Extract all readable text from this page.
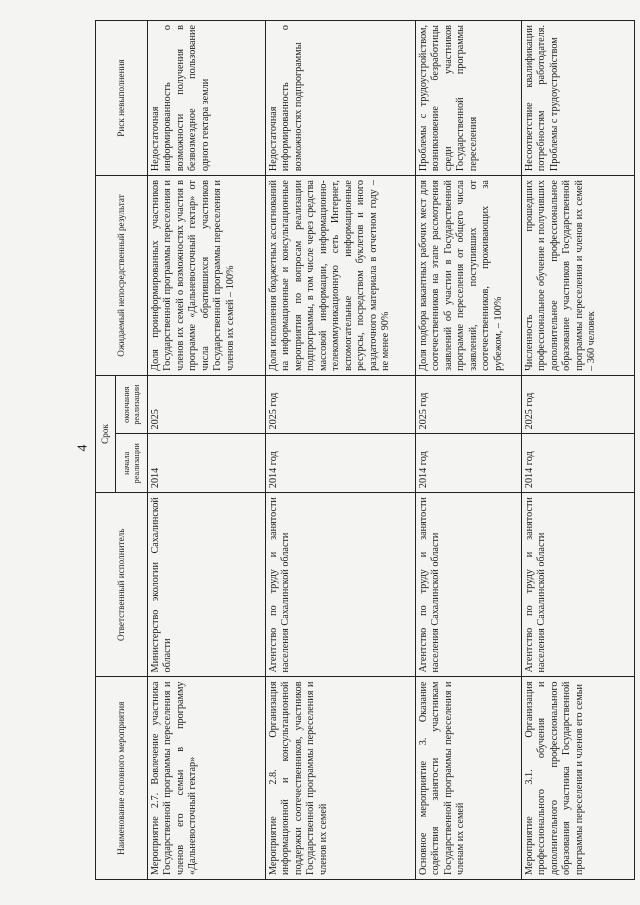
4
Наименование основного мероприятия	Ответственный исполнитель	Срок		Ожидаемый непосредственный результат	Риск невыполнения
		начала реализации	окончания реализации		
Мероприятие 2.7. Вовлечение участника Государственной программы переселения и членов его семьи в программу «Дальневосточный гектар»	Министерство экологии Сахалинской области	2014	2025	Доля проинформированных участников Государственной программы переселения и членов их семей о возможностях участия в программе «Дальневосточный гектар» от числа обратившихся участников Государственной программы переселения и членов их семей – 100%	Недостаточная информированность о возможности получения в безвозмездное пользование одного гектара земли
Мероприятие 2.8. Организация информационной и консультационной поддержки соотечественников, участников Государственной программы переселения и членов их семей	Агентство по труду и занятости населения Сахалинской области	2014 год	2025 год	Доля исполнения бюджетных ассигнований на информационные и консультационные мероприятия по вопросам реализации подпрограммы, в том числе через средства массовой информации, информационно-телекоммуникационную сеть Интернет, вспомогательные информационные ресурсы, посредством буклетов и иного раздаточного материала в отчетном году – не менее 90%	Недостаточная информированность о возможностях подпрограммы
Основное мероприятие 3. Оказание содействия занятости участникам Государственной программы переселения и членам их семей	Агентство по труду и занятости населения Сахалинской области	2014 год	2025 год	Доля подбора вакантных рабочих мест для соотечественников на этапе рассмотрения заявлений об участии в Государственной программе переселения от общего числа заявлений, поступивших от соотечественников, проживающих за рубежом, – 100%	Проблемы с трудоустройством, возникновение безработицы среди участников Государственной программы переселения
Мероприятие 3.1. Организация профессионального обучения и дополнительного профессионального образования участника Государственной программы переселения и членов его семьи	Агентство по труду и занятости населения Сахалинской области	2014 год	2025 год	Численность прошедших профессиональное обучение и получивших дополнительное профессиональное образование участников Государственной программы переселения и членов их семей – 360 человек	Несоответствие квалификации потребностям работодателя. Проблемы с трудоустройством
